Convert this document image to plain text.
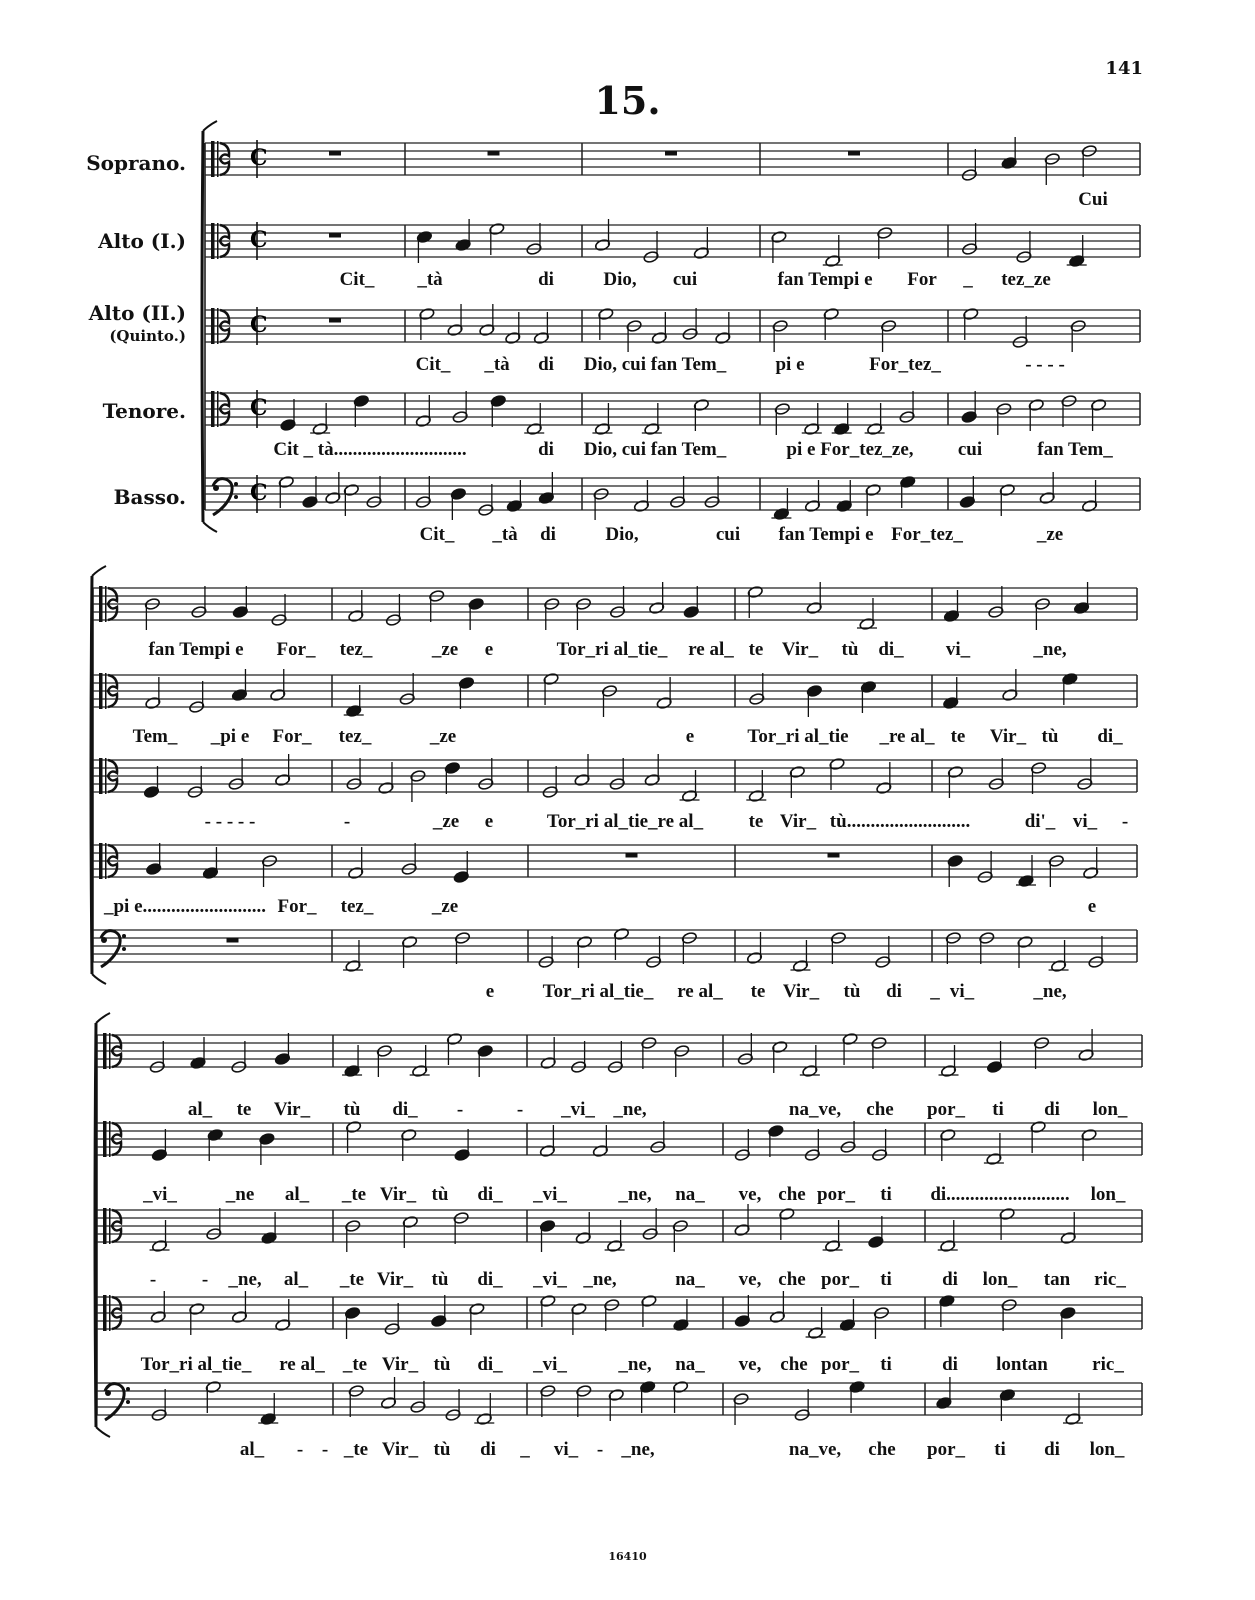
141
15.
Soprano.
Alto (I.)
Alto (II.)
(Quinto.)
Tenore.
Basso.
Cui
Cit_ _tà	di	Dio, cui	fan Tempi e For _ tez_ze
Cit_ _tà di Dio, cui fan Tem_	pi e	For_tez_	- - - -
Cit _ tà............................	di Dio, cui fan Tem_	pi e For_tez_ze, cui	fan Tem_
Cit_ _tà di	Dio,	cui fan Tempi e For_tez_	_ze
C
C
C
C
C
fan Tempi e For_ tez_	_ze e	Tor_ri al_tie_ re al_ te Vir_ tù di_ vi_	_ne,
Tem_ _pi e For_ tez_	_ze	e	Tor_ri al_tie _re al_ te Vir_ tù di_
- - - - -	-	_ze e	Tor_ri al_tie_re al_ te Vir_ tù..........................	di'_ vi_ -
_pi e.......................... For_ tez_	_ze	e
e	Tor_ri al_tie_ re al_ te Vir_ tù di _ vi_	_ne,
al_ te Vir_ tù di_ -	- _vi_ _ne,	na_ve, che por_ ti di lon_
_vi_	_ne al_ _te Vir_ tù di_ _vi_	_ne, na_ ve, che por_ ti di.......................... lon_
- - _ne, al_ _te Vir_ tù di_ _vi_ _ne,	na_ ve, che por_ ti	di lon_ tan ric_
Tor_ri al_tie_ re al_ _te Vir_ tù di_ _vi_	_ne, na_ ve, che por_ ti	di lontan ric_
al_ - - _te Vir_ tù di _ vi_ - _ne,	na_ve, che por_ ti di lon_
16410
